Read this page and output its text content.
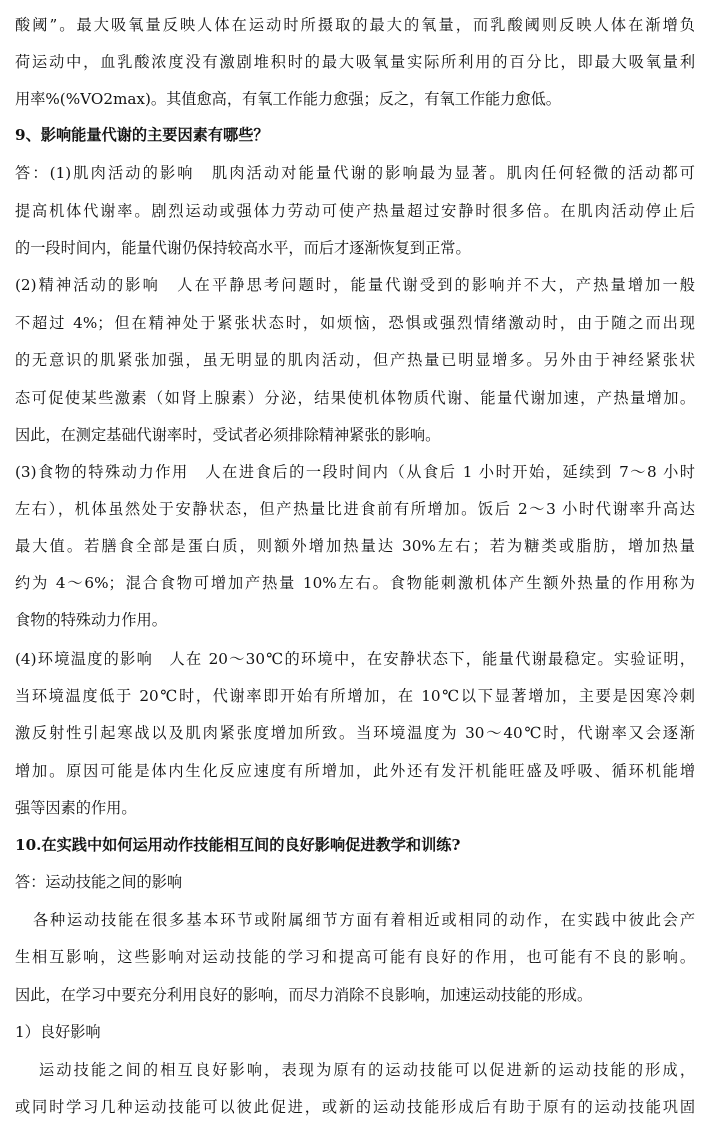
酸阈”。最大吸氧量反映人体在运动时所摄取的最大的氧量，而乳酸阈则反映人体在渐增负
荷运动中，血乳酸浓度没有激剧堆积时的最大吸氧量实际所利用的百分比，即最大吸氧量利
用率%(%VO2max)。其值愈高，有氧工作能力愈强；反之，有氧工作能力愈低。
9、影响能量代谢的主要因素有哪些？
答：(1)肌肉活动的影响　肌肉活动对能量代谢的影响最为显著。肌肉任何轻微的活动都可
提高机体代谢率。剧烈运动或强体力劳动可使产热量超过安静时很多倍。在肌肉活动停止后
的一段时间内，能量代谢仍保持较高水平，而后才逐渐恢复到正常。
(2)精神活动的影响　人在平静思考问题时，能量代谢受到的影响并不大，产热量增加一般
不超过 4%；但在精神处于紧张状态时，如烦恼，恐惧或强烈情绪激动时，由于随之而出现
的无意识的肌紧张加强，虽无明显的肌肉活动，但产热量已明显增多。另外由于神经紧张状
态可促使某些激素（如肾上腺素）分泌，结果使机体物质代谢、能量代谢加速，产热量增加。
因此，在测定基础代谢率时，受试者必须排除精神紧张的影响。
(3)食物的特殊动力作用　人在进食后的一段时间内（从食后 1 小时开始，延续到 7～8 小时
左右），机体虽然处于安静状态，但产热量比进食前有所增加。饭后 2～3 小时代谢率升高达
最大值。若膳食全部是蛋白质，则额外增加热量达 30%左右；若为糖类或脂肪，增加热量
约为 4～6%；混合食物可增加产热量 10%左右。食物能刺激机体产生额外热量的作用称为
食物的特殊动力作用。
(4)环境温度的影响　人在 20～30℃的环境中，在安静状态下，能量代谢最稳定。实验证明，
当环境温度低于 20℃时，代谢率即开始有所增加，在 10℃以下显著增加，主要是因寒冷刺
激反射性引起寒战以及肌肉紧张度增加所致。当环境温度为 30～40℃时，代谢率又会逐渐
增加。原因可能是体内生化反应速度有所增加，此外还有发汗机能旺盛及呼吸、循环机能增
强等因素的作用。
10.在实践中如何运用动作技能相互间的良好影响促进教学和训练?
答：运动技能之间的影响
各种运动技能在很多基本环节或附属细节方面有着相近或相同的动作，在实践中彼此会产
生相互影响，这些影响对运动技能的学习和提高可能有良好的作用，也可能有不良的影响。
因此，在学习中要充分利用良好的影响，而尽力消除不良影响，加速运动技能的形成。
1）良好影响
运动技能之间的相互良好影响，表现为原有的运动技能可以促进新的运动技能的形成，
或同时学习几种运动技能可以彼此促进，或新的运动技能形成后有助于原有的运动技能巩固
